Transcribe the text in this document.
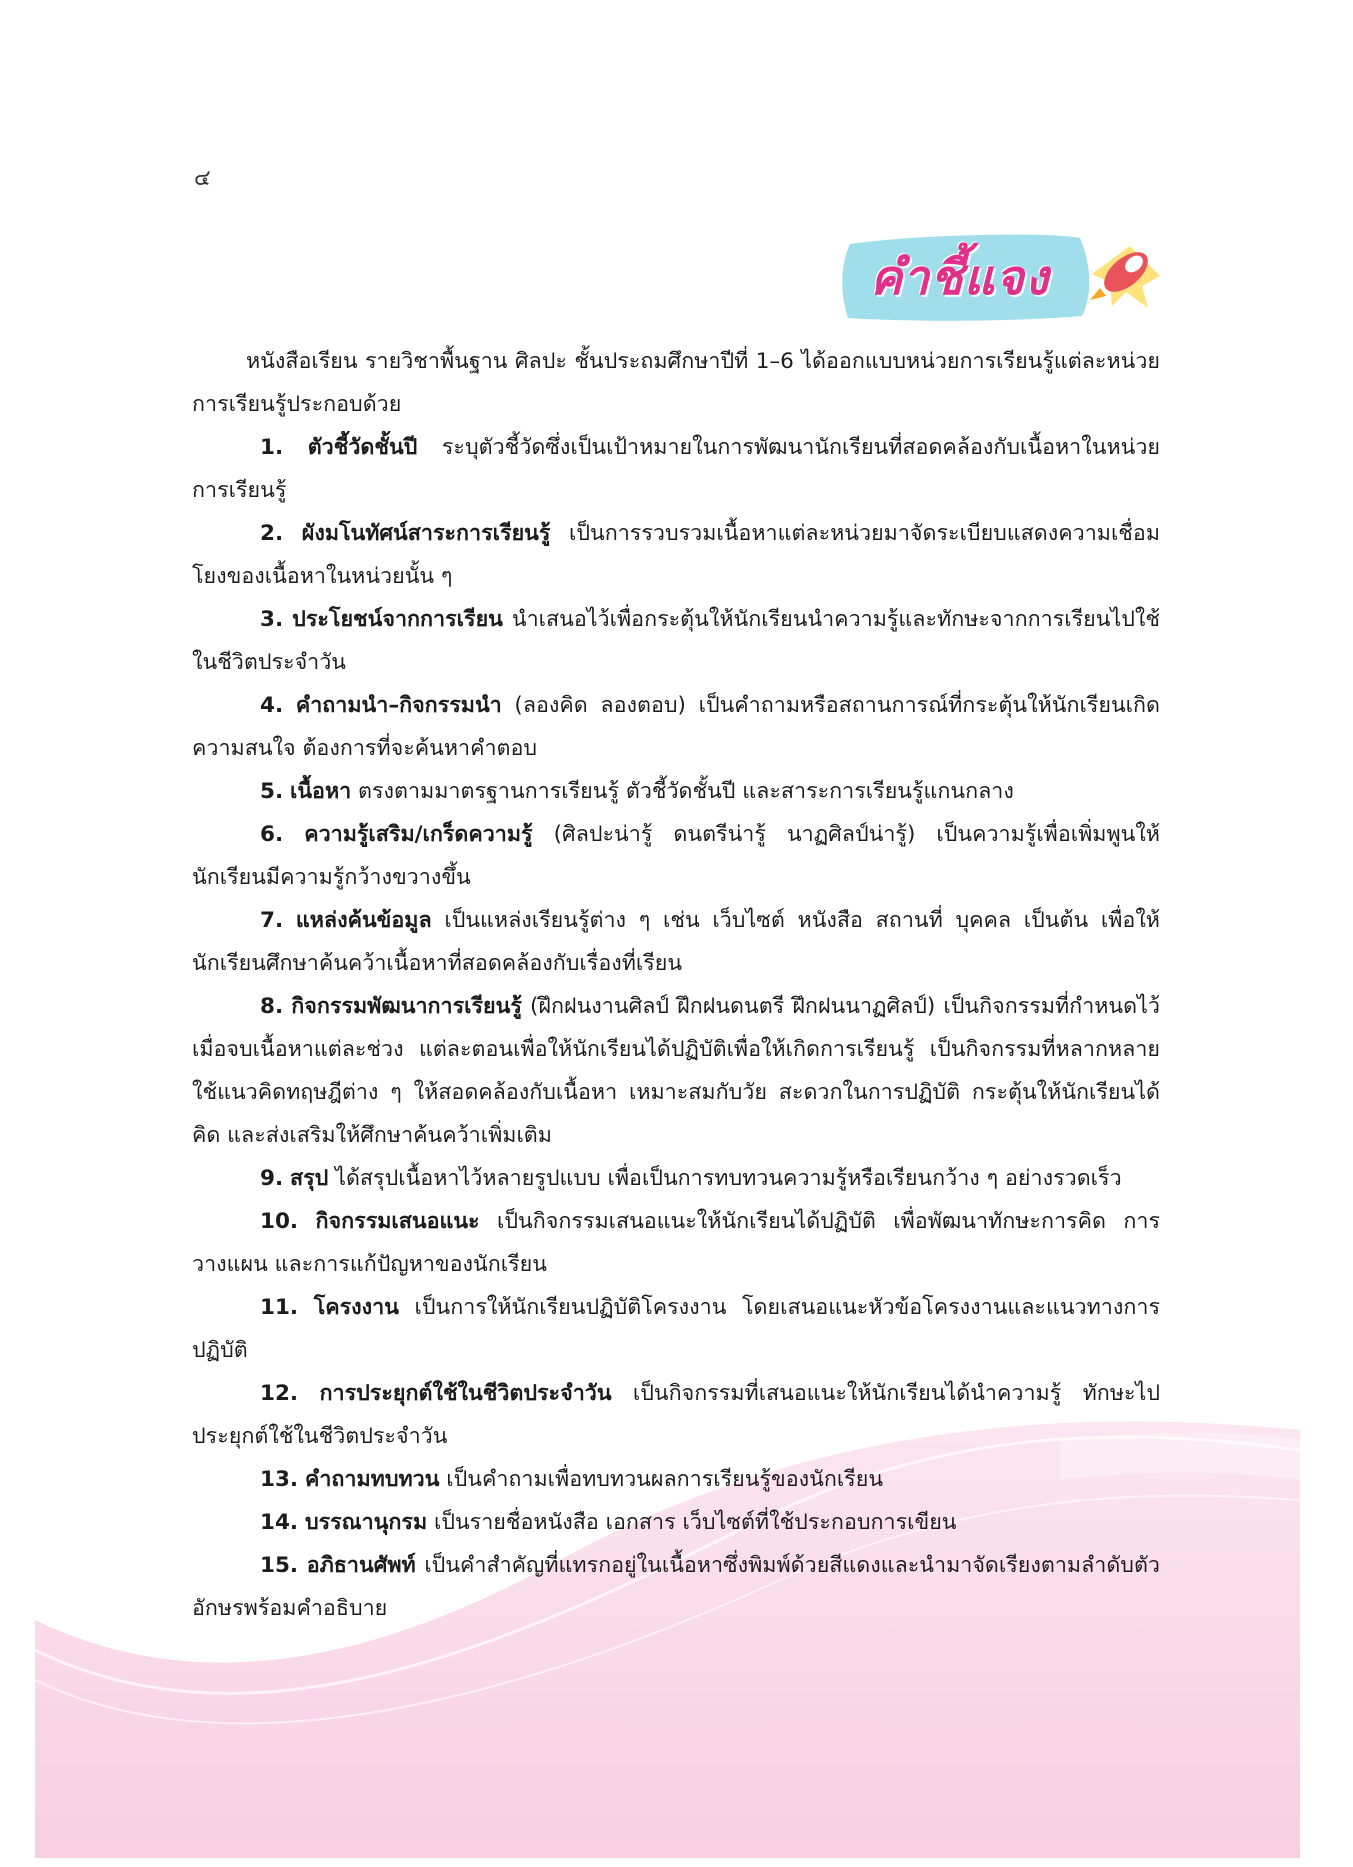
๔
คำชี้แจง

หนังสือเรียน รายวิชาพื้นฐาน ศิลปะ ชั้นประถมศึกษาปีที่ 1–6 ได้ออกแบบหน่วยการเรียนรู้แต่ละหน่วยการเรียนรู้ประกอบด้วย

1. ตัวชี้วัดชั้นปี ระบุตัวชี้วัดซึ่งเป็นเป้าหมายในการพัฒนานักเรียนที่สอดคล้องกับเนื้อหาในหน่วยการเรียนรู้

2. ผังมโนทัศน์สาระการเรียนรู้ เป็นการรวบรวมเนื้อหาแต่ละหน่วยมาจัดระเบียบแสดงความเชื่อมโยงของเนื้อหาในหน่วยนั้น ๆ

3. ประโยชน์จากการเรียน นำเสนอไว้เพื่อกระตุ้นให้นักเรียนนำความรู้และทักษะจากการเรียนไปใช้ในชีวิตประจำวัน

4. คำถามนำ–กิจกรรมนำ (ลองคิด ลองตอบ) เป็นคำถามหรือสถานการณ์ที่กระตุ้นให้นักเรียนเกิดความสนใจ ต้องการที่จะค้นหาคำตอบ

5. เนื้อหา ตรงตามมาตรฐานการเรียนรู้ ตัวชี้วัดชั้นปี และสาระการเรียนรู้แกนกลาง

6. ความรู้เสริม/เกร็ดความรู้ (ศิลปะน่ารู้ ดนตรีน่ารู้ นาฏศิลป์น่ารู้) เป็นความรู้เพื่อเพิ่มพูนให้นักเรียนมีความรู้กว้างขวางขึ้น

7. แหล่งค้นข้อมูล เป็นแหล่งเรียนรู้ต่าง ๆ เช่น เว็บไซต์ หนังสือ สถานที่ บุคคล เป็นต้น เพื่อให้นักเรียนศึกษาค้นคว้าเนื้อหาที่สอดคล้องกับเรื่องที่เรียน

8. กิจกรรมพัฒนาการเรียนรู้ (ฝึกฝนงานศิลป์ ฝึกฝนดนตรี ฝึกฝนนาฏศิลป์) เป็นกิจกรรมที่กำหนดไว้เมื่อจบเนื้อหาแต่ละช่วง แต่ละตอนเพื่อให้นักเรียนได้ปฏิบัติเพื่อให้เกิดการเรียนรู้ เป็นกิจกรรมที่หลากหลาย ใช้แนวคิดทฤษฎีต่าง ๆ ให้สอดคล้องกับเนื้อหา เหมาะสมกับวัย สะดวกในการปฏิบัติ กระตุ้นให้นักเรียนได้คิด และส่งเสริมให้ศึกษาค้นคว้าเพิ่มเติม

9. สรุป ได้สรุปเนื้อหาไว้หลายรูปแบบ เพื่อเป็นการทบทวนความรู้หรือเรียนกว้าง ๆ อย่างรวดเร็ว

10. กิจกรรมเสนอแนะ เป็นกิจกรรมเสนอแนะให้นักเรียนได้ปฏิบัติ เพื่อพัฒนาทักษะการคิด การวางแผน และการแก้ปัญหาของนักเรียน

11. โครงงาน เป็นการให้นักเรียนปฏิบัติโครงงาน โดยเสนอแนะหัวข้อโครงงานและแนวทางการปฏิบัติ

12. การประยุกต์ใช้ในชีวิตประจำวัน เป็นกิจกรรมที่เสนอแนะให้นักเรียนได้นำความรู้ ทักษะไปประยุกต์ใช้ในชีวิตประจำวัน

13. คำถามทบทวน เป็นคำถามเพื่อทบทวนผลการเรียนรู้ของนักเรียน

14. บรรณานุกรม เป็นรายชื่อหนังสือ เอกสาร เว็บไซต์ที่ใช้ประกอบการเขียน

15. อภิธานศัพท์ เป็นคำสำคัญที่แทรกอยู่ในเนื้อหาซึ่งพิมพ์ด้วยสีแดงและนำมาจัดเรียงตามลำดับตัวอักษรพร้อมคำอธิบาย
